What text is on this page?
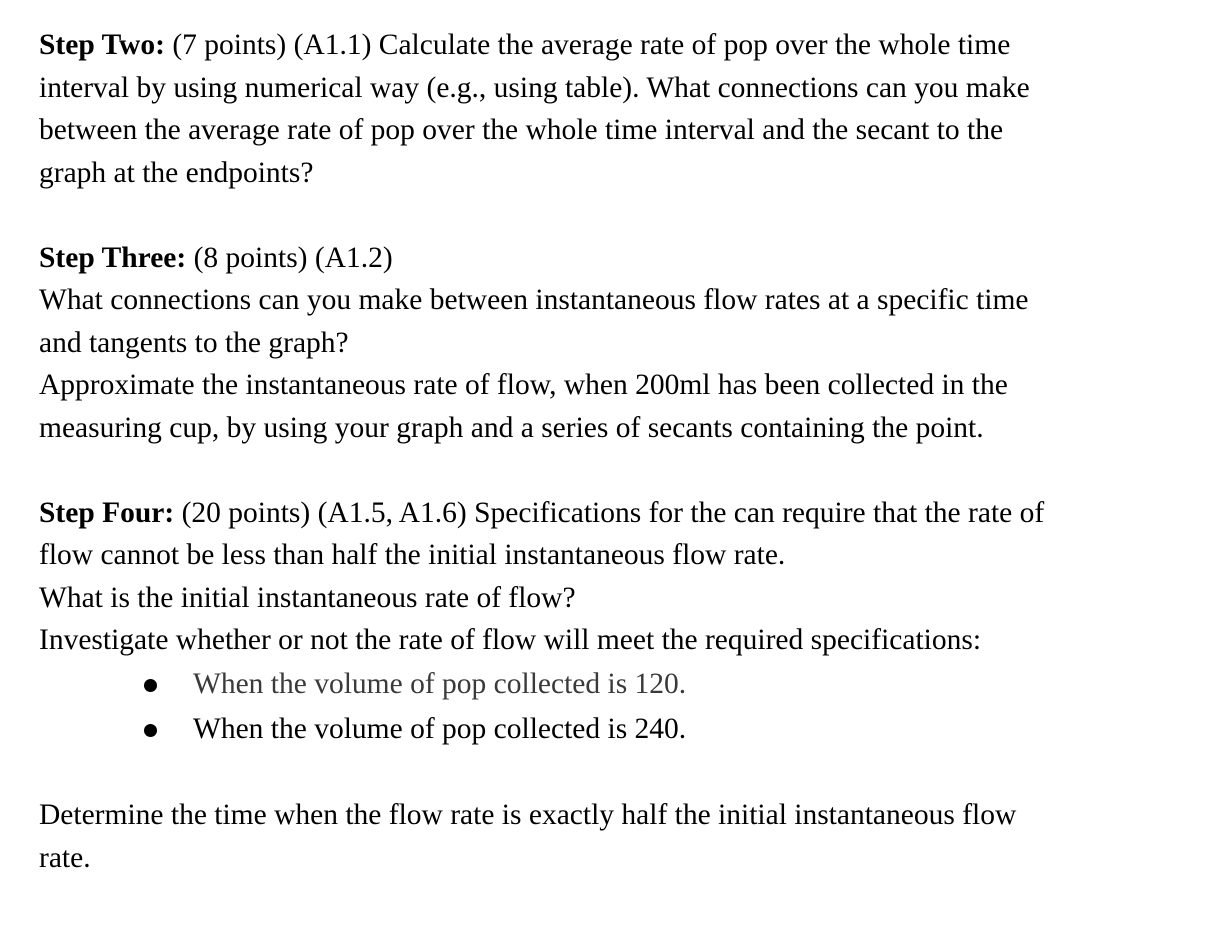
Step Two: (7 points) (A1.1) Calculate the average rate of pop over the whole time

interval by using numerical way (e.g., using table). What connections can you make

between the average rate of pop over the whole time interval and the secant to the

graph at the endpoints?

Step Three: (8 points) (A1.2)

What connections can you make between instantaneous flow rates at a specific time

and tangents to the graph?

Approximate the instantaneous rate of flow, when 200ml has been collected in the

measuring cup, by using your graph and a series of secants containing the point.

Step Four: (20 points) (A1.5, A1.6) Specifications for the can require that the rate of

flow cannot be less than half the initial instantaneous flow rate.

What is the initial instantaneous rate of flow?

Investigate whether or not the rate of flow will meet the required specifications:

When the volume of pop collected is 120.
When the volume of pop collected is 240.

Determine the time when the flow rate is exactly half the initial instantaneous flow

rate.
